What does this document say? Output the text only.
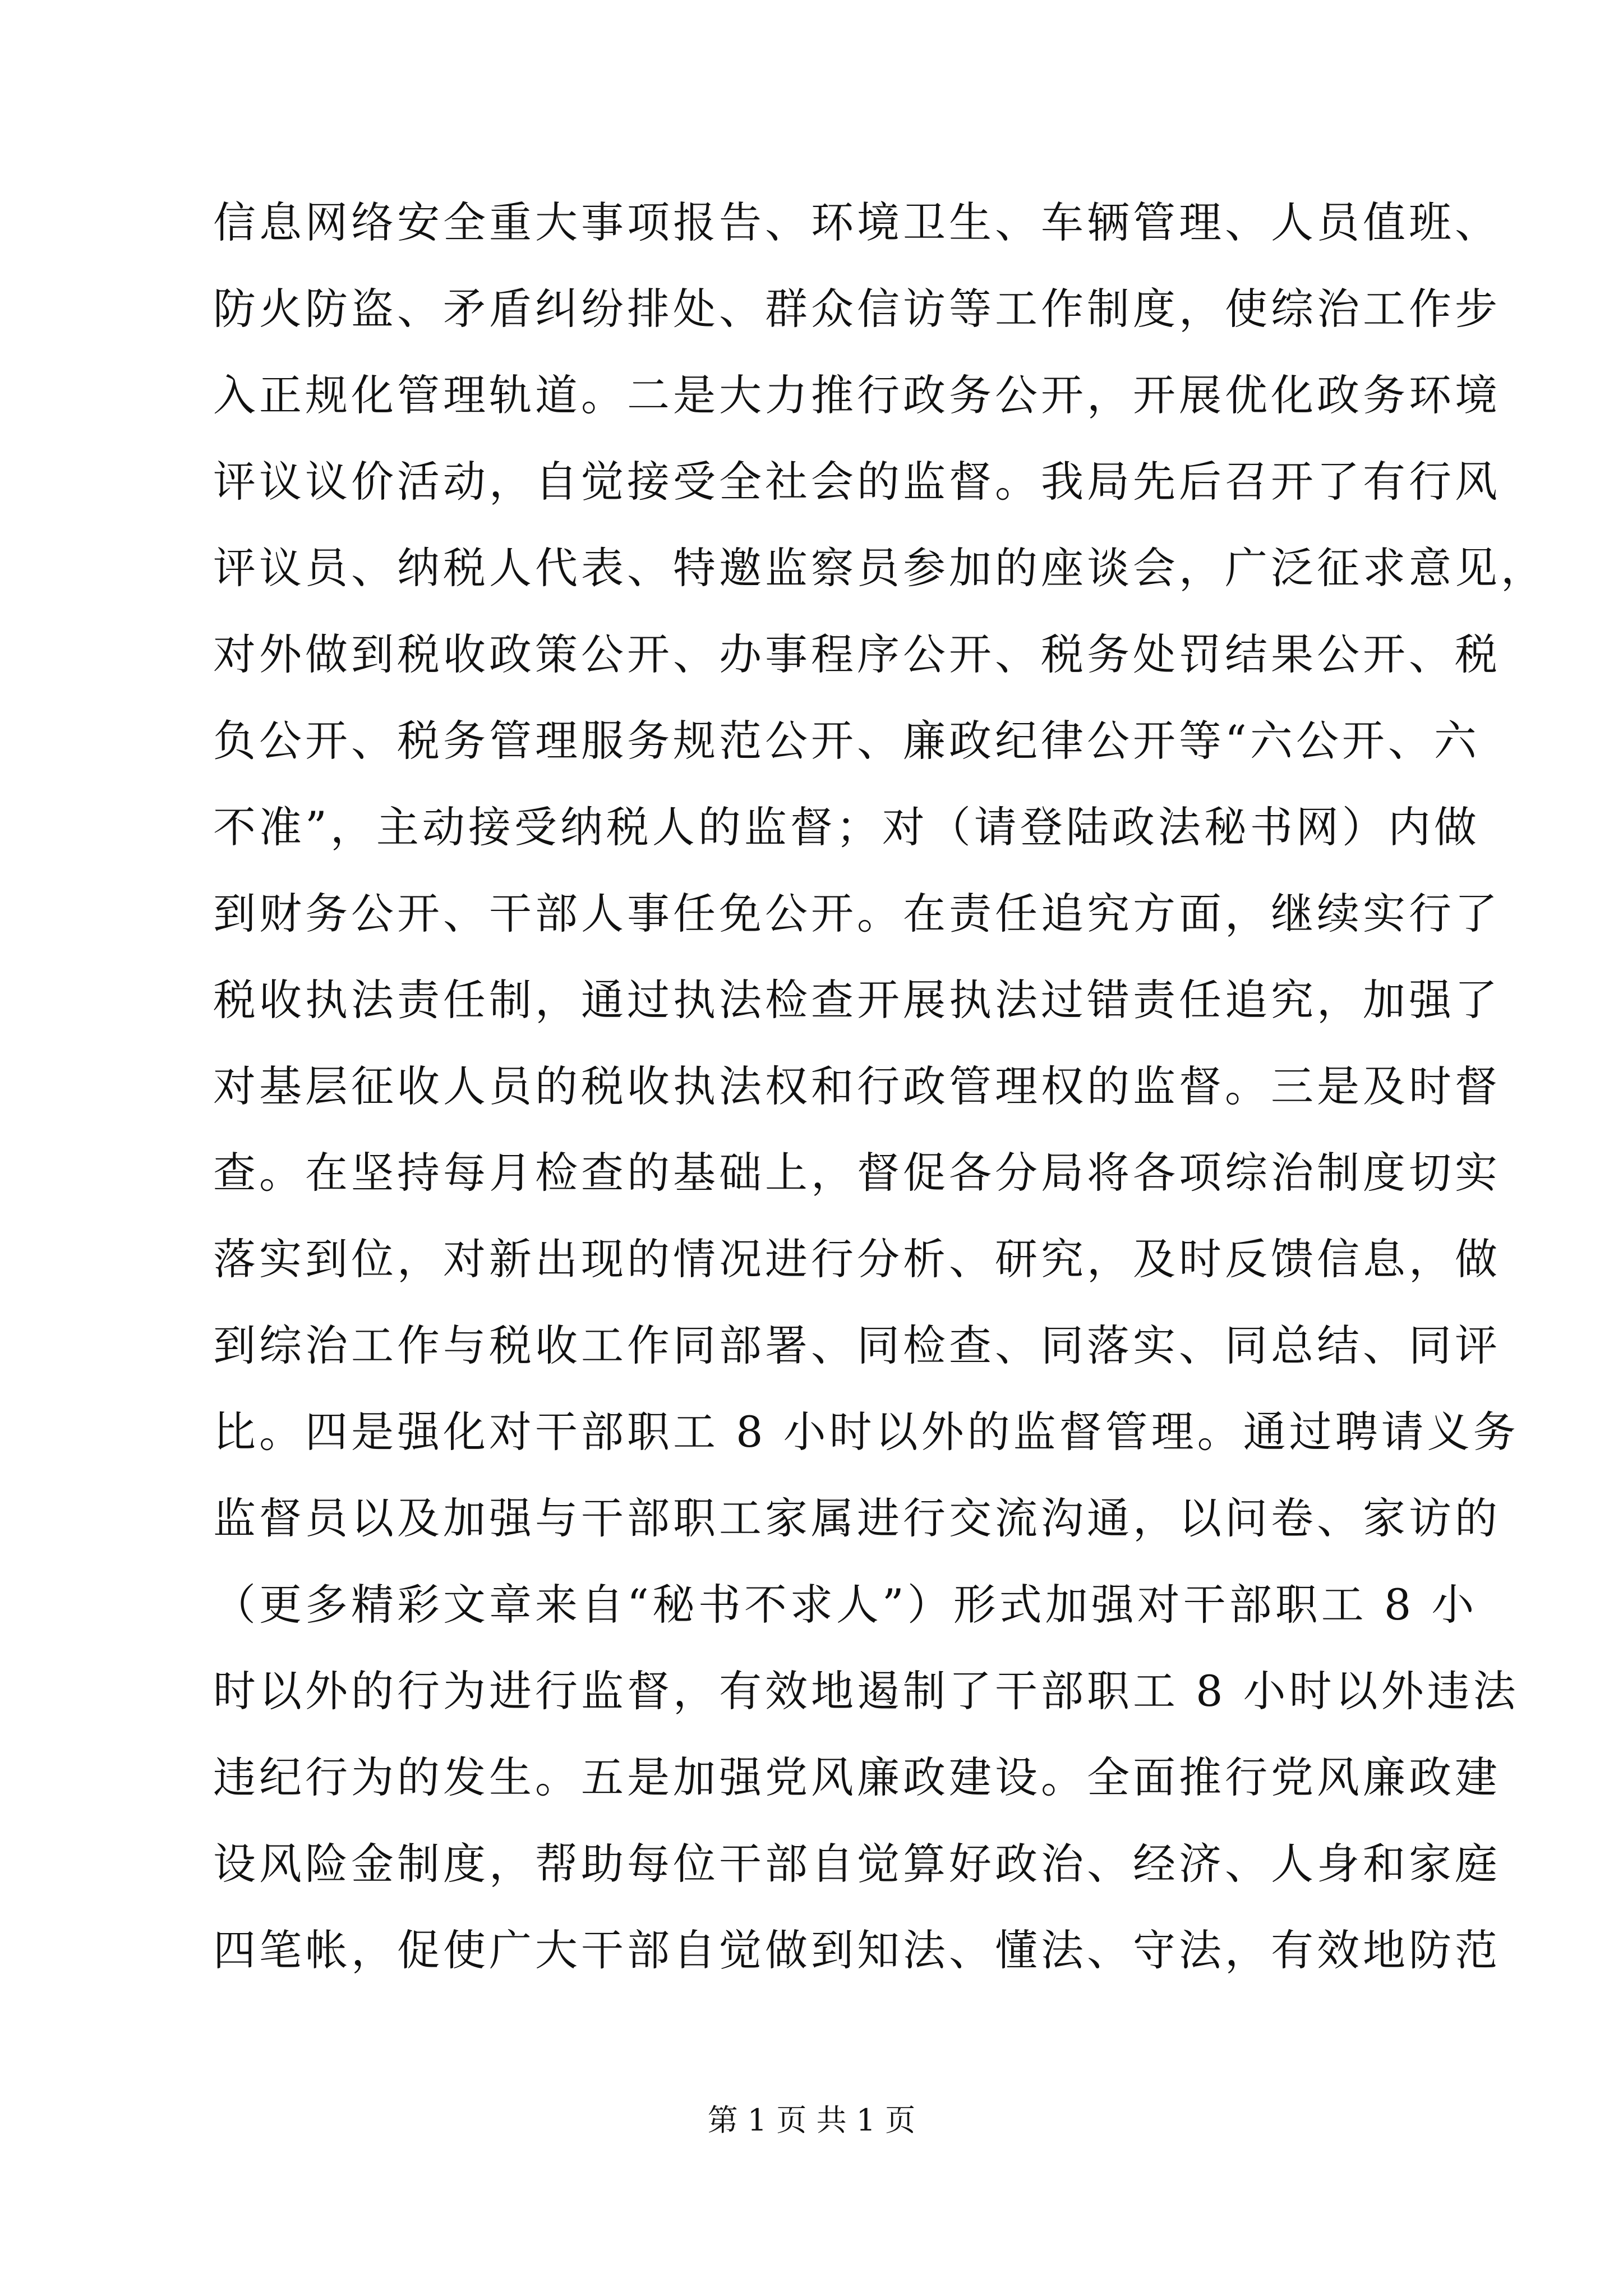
信息网络安全重大事项报告、环境卫生、车辆管理、人员值班、
防火防盗、矛盾纠纷排处、群众信访等工作制度，使综治工作步
入正规化管理轨道。二是大力推行政务公开，开展优化政务环境
评议议价活动，自觉接受全社会的监督。我局先后召开了有行风
评议员、纳税人代表、特邀监察员参加的座谈会，广泛征求意见，
对外做到税收政策公开、办事程序公开、税务处罚结果公开、税
负公开、税务管理服务规范公开、廉政纪律公开等“六公开、六
不准”，主动接受纳税人的监督；对（请登陆政法秘书网）内做
到财务公开、干部人事任免公开。在责任追究方面，继续实行了
税收执法责任制，通过执法检查开展执法过错责任追究，加强了
对基层征收人员的税收执法权和行政管理权的监督。三是及时督
查。在坚持每月检查的基础上，督促各分局将各项综治制度切实
落实到位，对新出现的情况进行分析、研究，及时反馈信息，做
到综治工作与税收工作同部署、同检查、同落实、同总结、同评
比。四是强化对干部职工 8 小时以外的监督管理。通过聘请义务
监督员以及加强与干部职工家属进行交流沟通，以问卷、家访的
（更多精彩文章来自“秘书不求人”）形式加强对干部职工 8 小
时以外的行为进行监督，有效地遏制了干部职工 8 小时以外违法
违纪行为的发生。五是加强党风廉政建设。全面推行党风廉政建
设风险金制度，帮助每位干部自觉算好政治、经济、人身和家庭
四笔帐，促使广大干部自觉做到知法、懂法、守法，有效地防范
第 1 页 共 1 页
